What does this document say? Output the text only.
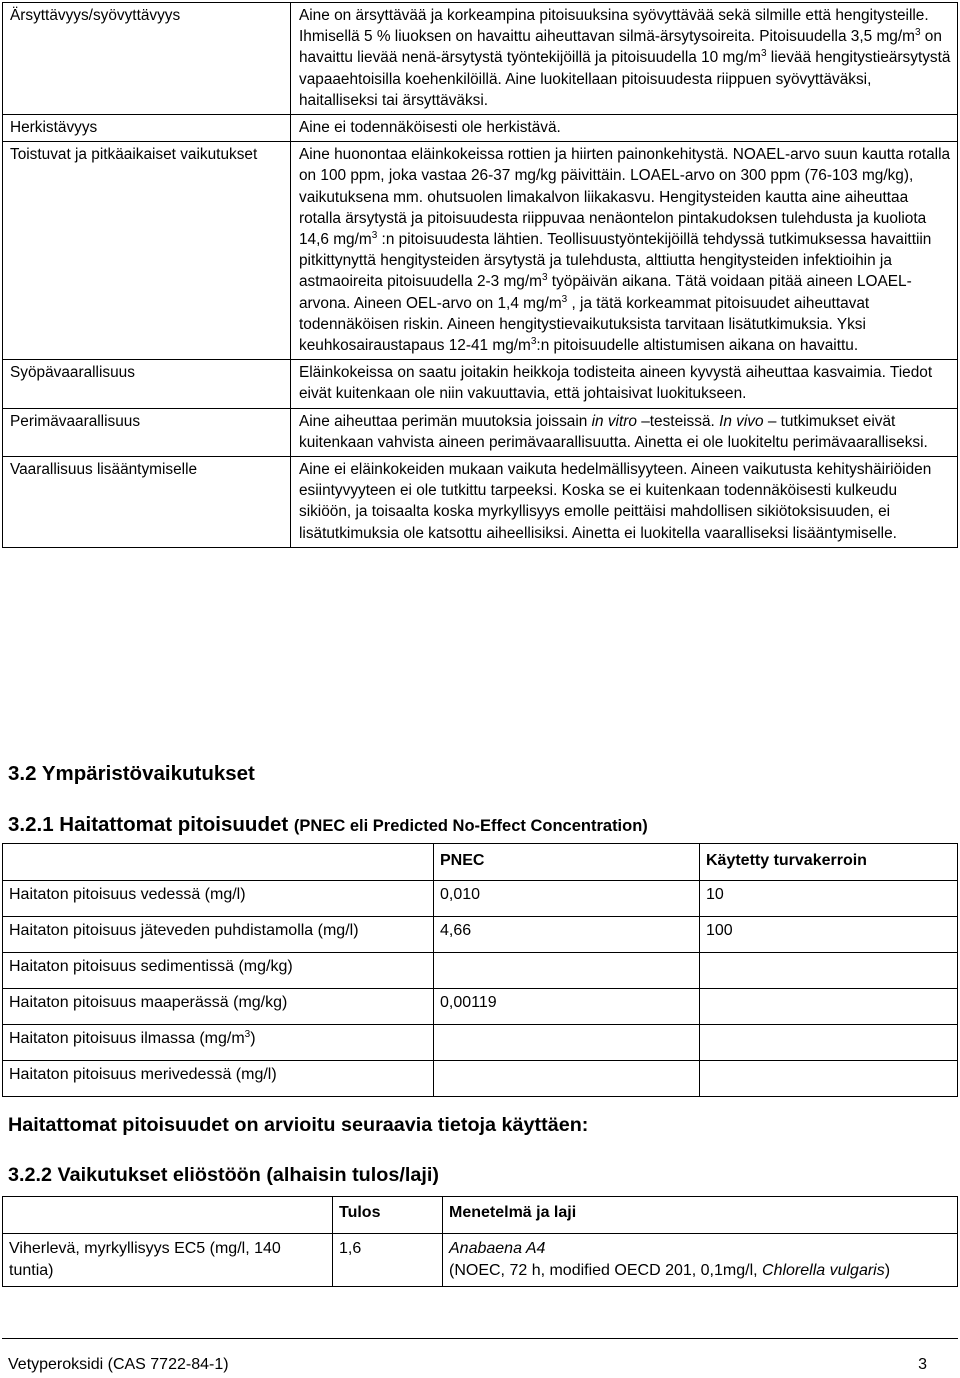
Ärsyttävyys/syövyttävyys	Aine on ärsyttävää ja korkeampina pitoisuuksina syövyttävää sekä silmille että hengitysteille. Ihmisellä 5 % liuoksen on havaittu aiheuttavan silmä-ärsytysoireita. Pitoisuudella 3,5 $mg/m^3$ on havaittu lievää nenä-ärsytystä työntekijöillä ja pitoisuudella 10 $mg/m^3$ lievää hengitystieärsytystä vapaaehtoisilla koehenkilöillä. Aine luokitellaan pitoisuudesta riippuen syövyttäväksi, haitalliseksi tai ärsyttäväksi.
Herkistävyys	Aine ei todennäköisesti ole herkistävä.
Toistuvat ja pitkäaikaiset vaikutukset	Aine huonontaa eläinkokeissa rottien ja hiirten painonkehitystä. NOAEL-arvo suun kautta rotalla on 100 ppm, joka vastaa 26-37 mg/kg päivittäin. LOAEL-arvo on 300 ppm (76-103 mg/kg), vaikutuksena mm. ohutsuolen limakalvon liikakasvu. Hengitysteiden kautta aine aiheuttaa rotalla ärsytystä ja pitoisuudesta riippuvaa nenäontelon pintakudoksen tulehdusta ja kuoliota 14,6 $mg/m^3$ :n pitoisuudesta lähtien. Teollisuustyöntekijöillä tehdyssä tutkimuksessa havaittiin pitkittynyttä hengitysteiden ärsytystä ja tulehdusta, alttiutta hengitysteiden infektioihin ja astmaoireita pitoisuudella 2-3 $mg/m^3$ työpäivän aikana. Tätä voidaan pitää aineen LOAEL-arvona. Aineen OEL-arvo on 1,4 $mg/m^3$ , ja tätä korkeammat pitoisuudet aiheuttavat todennäköisen riskin. Aineen hengitystievaikutuksista tarvitaan lisätutkimuksia. Yksi keuhkosairaustapaus 12-41 $mg/m^3:n$ pitoisuudelle altistumisen aikana on havaittu.
Syöpävaarallisuus	Eläinkokeissa on saatu joitakin heikkoja todisteita aineen kyvystä aiheuttaa kasvaimia. Tiedot eivät kuitenkaan ole niin vakuuttavia, että johtaisivat luokitukseen.
Perimävaarallisuus	Aine aiheuttaa perimän muutoksia joissain in vitro –testeissä. In vivo – tutkimukset eivät kuitenkaan vahvista aineen perimävaarallisuutta. Ainetta ei ole luokiteltu perimävaaralliseksi.
Vaarallisuus lisääntymiselle	Aine ei eläinkokeiden mukaan vaikuta hedelmällisyyteen. Aineen vaikutusta kehityshäiriöiden esiintyvyyteen ei ole tutkittu tarpeeksi. Koska se ei kuitenkaan todennäköisesti kulkeudu sikiöön, ja toisaalta koska myrkyllisyys emolle peittäisi mahdollisen sikiötoksisuuden, ei lisätutkimuksia ole katsottu aiheellisiksi. Ainetta ei luokitella vaaralliseksi lisääntymiselle.
3.2 Ympäristövaikutukset
3.2.1 Haitattomat pitoisuudet (PNEC eli Predicted No-Effect Concentration)
	PNEC	Käytetty turvakerroin
Haitaton pitoisuus vedessä (mg/l)	0,010	10
Haitaton pitoisuus jäteveden puhdistamolla (mg/l)	4,66	100
Haitaton pitoisuus sedimentissä (mg/kg)		
Haitaton pitoisuus maaperässä (mg/kg)	0,00119	
Haitaton pitoisuus ilmassa $(mg/m^3)$		
Haitaton pitoisuus merivedessä (mg/l)		
Haitattomat pitoisuudet on arvioitu seuraavia tietoja käyttäen:
3.2.2 Vaikutukset eliöstöön (alhaisin tulos/laji)
	Tulos	Menetelmä ja laji
Viherlevä, myrkyllisyys EC5 (mg/l, 140 tuntia)	1,6	Anabaena A4
(NOEC, 72 h, modified OECD 201, 0,1mg/l, Chlorella vulgaris)
Vetyperoksidi (CAS 7722-84-1)	3
